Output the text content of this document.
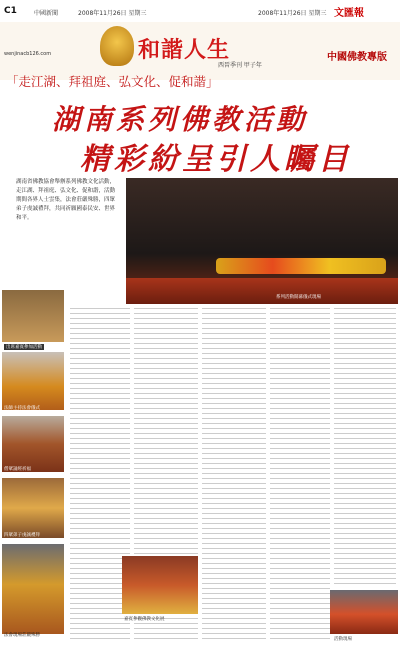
C1	中國新聞	2008年11月26日 星期三	2008年11月26日 星期三 文匯報
和諧人生
西晉季刊 甲子年
中國佛教專版
wenjinacb126.com
「走江湖、拜祖庭、弘文化、促和諧」
湖南系列佛教活動
精彩紛呈引人矚目
湖南省佛教協會舉辦系列佛教文化活動，走江湖、拜祖庭、弘文化、促和諧，活動期間各界人士雲集，法會莊嚴殊勝，四眾弟子虔誠禮拜，共同祈願國泰民安、世界和平。
系列活動開幕儀式現場
出席嘉賓參加活動
法師主持法會儀式
僧眾誦經祈福
四眾弟子虔誠禮拜
法會現場莊嚴殊勝
嘉賓參觀佛教文化展
活動現場
